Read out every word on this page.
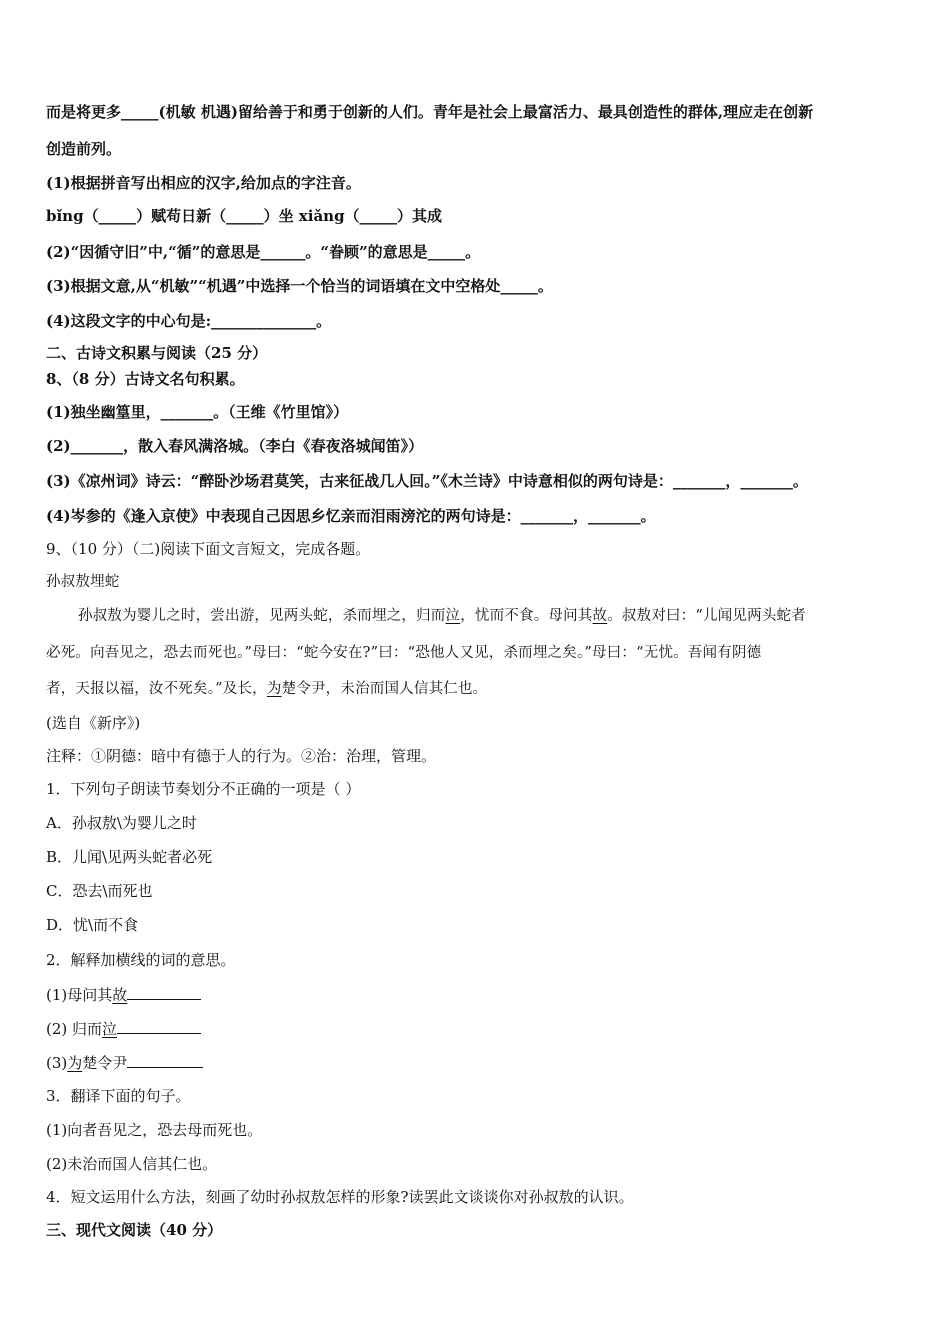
而是将更多_____(机敏 机遇)留给善于和勇于创新的人们。青年是社会上最富活力、最具创造性的群体,理应走在创新
创造前列。
(1)根据拼音写出相应的汉字,给加点的字注音。
bǐng（_____）赋苟日新（_____）坐 xiǎng（_____）其成
(2)“因循守旧”中,“循”的意思是______。“眷顾”的意思是_____。
(3)根据文意,从“机敏”“机遇”中选择一个恰当的词语填在文中空格处_____。
(4)这段文字的中心句是:______________。
二、古诗文积累与阅读（25 分）
8、（8 分）古诗文名句积累。
(1)独坐幽篁里，_______。（王维《竹里馆》）
(2)_______，散入春风满洛城。（李白《春夜洛城闻笛》）
(3)《凉州词》诗云：“醉卧沙场君莫笑，古来征战几人回。”《木兰诗》中诗意相似的两句诗是：_______，_______。
(4)岑参的《逢入京使》中表现自己因思乡忆亲而泪雨滂沱的两句诗是：_______，_______。
9、（10 分）（二)阅读下面文言短文，完成各题。
孙叔敖埋蛇
孙叔敖为婴儿之时，尝出游，见两头蛇，杀而埋之，归而泣，忧而不食。母问其故。叔敖对曰：“儿闻见两头蛇者
必死。向吾见之，恐去而死也。”母曰：“蛇今安在?”曰：“恐他人又见，杀而埋之矣。”母曰：“无忧。吾闻有阴德
者，天报以福，汝不死矣。”及长，为楚令尹，未治而国人信其仁也。
(选自《新序》)
注释：①阴德：暗中有德于人的行为。②治：治理，管理。
1．下列句子朗读节奏划分不正确的一项是（ ）
A．孙叔敖\为婴儿之时
B．儿闻\见两头蛇者必死
C．恐去\而死也
D．忧\而不食
2．解释加横线的词的意思。
(1)母问其故
(2) 归而泣
(3)为楚令尹
3．翻译下面的句子。
(1)向者吾见之，恐去母而死也。
(2)未治而国人信其仁也。
4．短文运用什么方法，刻画了幼时孙叔敖怎样的形象?读罢此文谈谈你对孙叔敖的认识。
三、现代文阅读（40 分）
